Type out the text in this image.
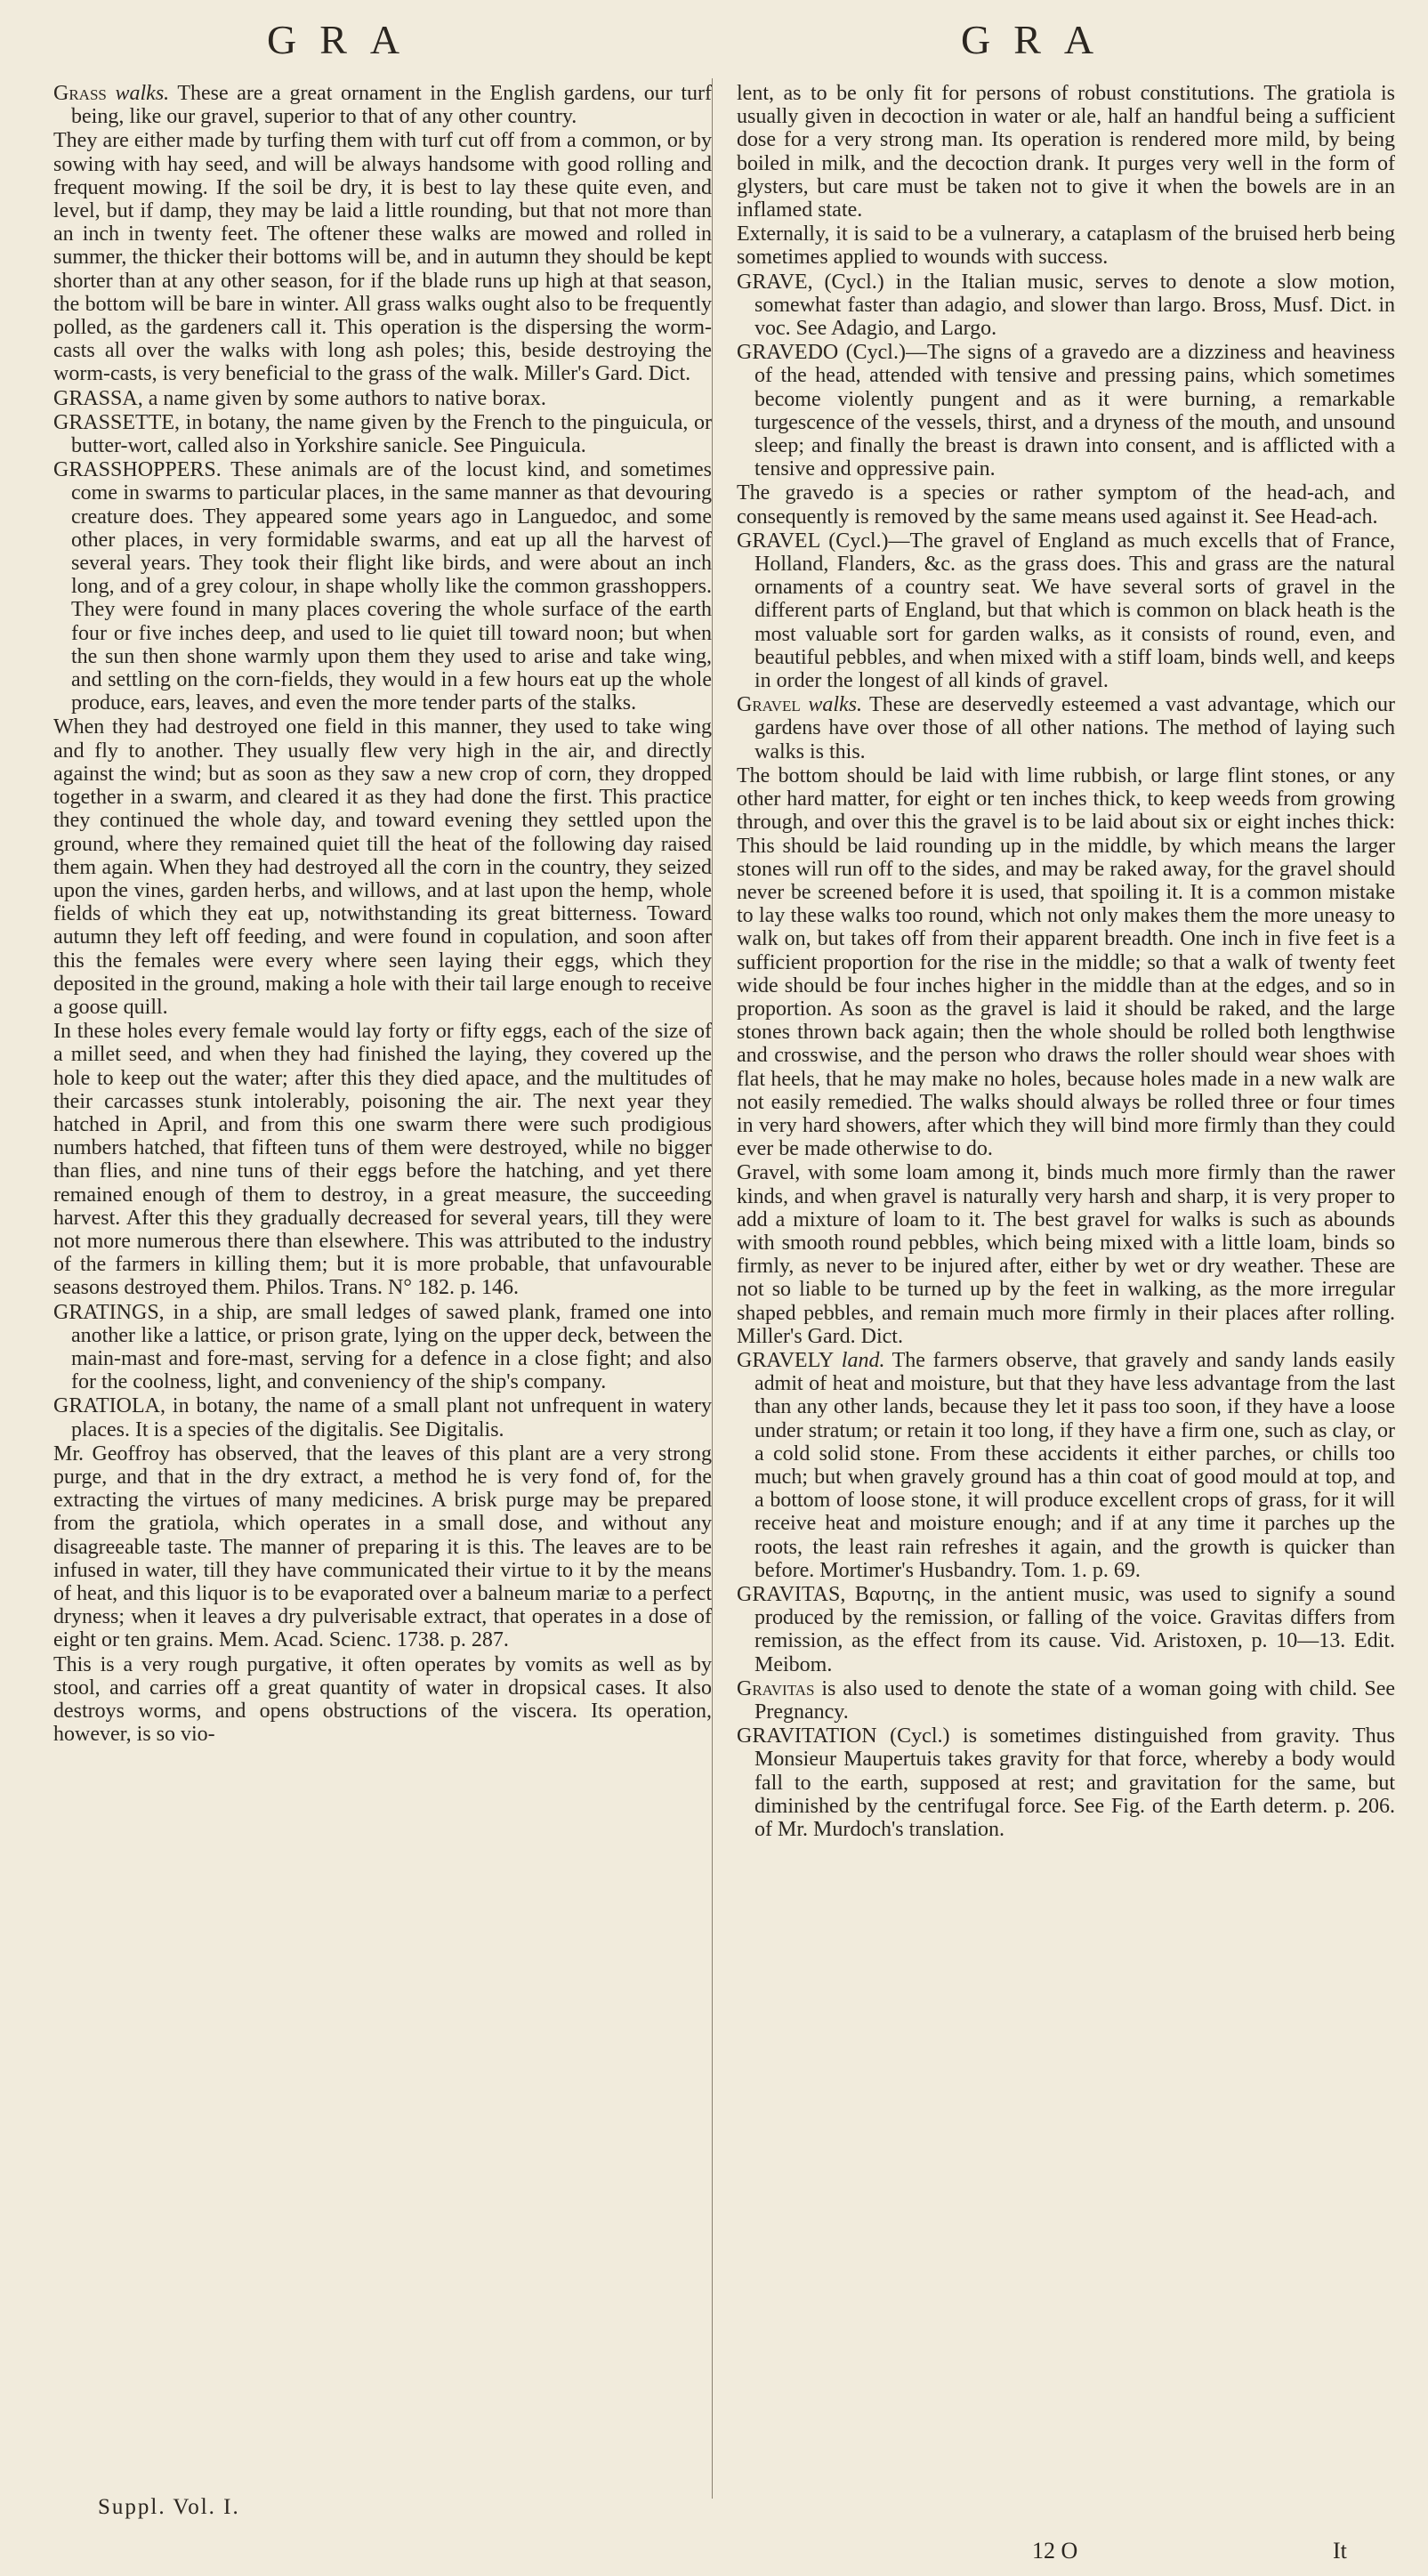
GRA	GRA

Grass walks. These are a great ornament in the English gardens, our turf being, like our gravel, superior to that of any other country.

They are either made by turfing them with turf cut off from a common, or by sowing with hay seed, and will be always handsome with good rolling and frequent mowing. If the soil be dry, it is best to lay these quite even, and level, but if damp, they may be laid a little rounding, but that not more than an inch in twenty feet. The oftener these walks are mowed and rolled in summer, the thicker their bottoms will be, and in autumn they should be kept shorter than at any other season, for if the blade runs up high at that season, the bottom will be bare in winter. All grass walks ought also to be frequently polled, as the gardeners call it. This operation is the dispersing the worm-casts all over the walks with long ash poles; this, beside destroying the worm-casts, is very beneficial to the grass of the walk. Miller's Gard. Dict.

GRASSA, a name given by some authors to native borax.

GRASSETTE, in botany, the name given by the French to the pinguicula, or butter-wort, called also in Yorkshire sanicle. See Pinguicula.

GRASSHOPPERS. These animals are of the locust kind, and sometimes come in swarms to particular places, in the same manner as that devouring creature does. They appeared some years ago in Languedoc, and some other places, in very formidable swarms, and eat up all the harvest of several years. They took their flight like birds, and were about an inch long, and of a grey colour, in shape wholly like the common grasshoppers. They were found in many places covering the whole surface of the earth four or five inches deep, and used to lie quiet till toward noon; but when the sun then shone warmly upon them they used to arise and take wing, and settling on the corn-fields, they would in a few hours eat up the whole produce, ears, leaves, and even the more tender parts of the stalks.

When they had destroyed one field in this manner, they used to take wing and fly to another. They usually flew very high in the air, and directly against the wind; but as soon as they saw a new crop of corn, they dropped together in a swarm, and cleared it as they had done the first. This practice they continued the whole day, and toward evening they settled upon the ground, where they remained quiet till the heat of the following day raised them again. When they had destroyed all the corn in the country, they seized upon the vines, garden herbs, and willows, and at last upon the hemp, whole fields of which they eat up, notwithstanding its great bitterness. Toward autumn they left off feeding, and were found in copulation, and soon after this the females were every where seen laying their eggs, which they deposited in the ground, making a hole with their tail large enough to receive a goose quill.

In these holes every female would lay forty or fifty eggs, each of the size of a millet seed, and when they had finished the laying, they covered up the hole to keep out the water; after this they died apace, and the multitudes of their carcasses stunk intolerably, poisoning the air. The next year they hatched in April, and from this one swarm there were such prodigious numbers hatched, that fifteen tuns of them were destroyed, while no bigger than flies, and nine tuns of their eggs before the hatching, and yet there remained enough of them to destroy, in a great measure, the succeeding harvest. After this they gradually decreased for several years, till they were not more numerous there than elsewhere. This was attributed to the industry of the farmers in killing them; but it is more probable, that unfavourable seasons destroyed them. Philos. Trans. N° 182. p. 146.

GRATINGS, in a ship, are small ledges of sawed plank, framed one into another like a lattice, or prison grate, lying on the upper deck, between the main-mast and fore-mast, serving for a defence in a close fight; and also for the coolness, light, and conveniency of the ship's company.

GRATIOLA, in botany, the name of a small plant not unfrequent in watery places. It is a species of the digitalis. See Digitalis.

Mr. Geoffroy has observed, that the leaves of this plant are a very strong purge, and that in the dry extract, a method he is very fond of, for the extracting the virtues of many medicines. A brisk purge may be prepared from the gratiola, which operates in a small dose, and without any disagreeable taste. The manner of preparing it is this. The leaves are to be infused in water, till they have communicated their virtue to it by the means of heat, and this liquor is to be evaporated over a balneum mariæ to a perfect dryness; when it leaves a dry pulverisable extract, that operates in a dose of eight or ten grains. Mem. Acad. Scienc. 1738. p. 287.

This is a very rough purgative, it often operates by vomits as well as by stool, and carries off a great quantity of water in dropsical cases. It also destroys worms, and opens obstructions of the viscera. Its operation, however, is so vio-

lent, as to be only fit for persons of robust constitutions. The gratiola is usually given in decoction in water or ale, half an handful being a sufficient dose for a very strong man. Its operation is rendered more mild, by being boiled in milk, and the decoction drank. It purges very well in the form of glysters, but care must be taken not to give it when the bowels are in an inflamed state.

Externally, it is said to be a vulnerary, a cataplasm of the bruised herb being sometimes applied to wounds with success.

GRAVE, (Cycl.) in the Italian music, serves to denote a slow motion, somewhat faster than adagio, and slower than largo. Bross, Musf. Dict. in voc. See Adagio, and Largo.

GRAVEDO (Cycl.)—The signs of a gravedo are a dizziness and heaviness of the head, attended with tensive and pressing pains, which sometimes become violently pungent and as it were burning, a remarkable turgescence of the vessels, thirst, and a dryness of the mouth, and unsound sleep; and finally the breast is drawn into consent, and is afflicted with a tensive and oppressive pain.

The gravedo is a species or rather symptom of the head-ach, and consequently is removed by the same means used against it. See Head-ach.

GRAVEL (Cycl.)—The gravel of England as much excells that of France, Holland, Flanders, &c. as the grass does. This and grass are the natural ornaments of a country seat. We have several sorts of gravel in the different parts of England, but that which is common on black heath is the most valuable sort for garden walks, as it consists of round, even, and beautiful pebbles, and when mixed with a stiff loam, binds well, and keeps in order the longest of all kinds of gravel.

Gravel walks. These are deservedly esteemed a vast advantage, which our gardens have over those of all other nations. The method of laying such walks is this.

The bottom should be laid with lime rubbish, or large flint stones, or any other hard matter, for eight or ten inches thick, to keep weeds from growing through, and over this the gravel is to be laid about six or eight inches thick: This should be laid rounding up in the middle, by which means the larger stones will run off to the sides, and may be raked away, for the gravel should never be screened before it is used, that spoiling it. It is a common mistake to lay these walks too round, which not only makes them the more uneasy to walk on, but takes off from their apparent breadth. One inch in five feet is a sufficient proportion for the rise in the middle; so that a walk of twenty feet wide should be four inches higher in the middle than at the edges, and so in proportion. As soon as the gravel is laid it should be raked, and the large stones thrown back again; then the whole should be rolled both lengthwise and crosswise, and the person who draws the roller should wear shoes with flat heels, that he may make no holes, because holes made in a new walk are not easily remedied. The walks should always be rolled three or four times in very hard showers, after which they will bind more firmly than they could ever be made otherwise to do.

Gravel, with some loam among it, binds much more firmly than the rawer kinds, and when gravel is naturally very harsh and sharp, it is very proper to add a mixture of loam to it. The best gravel for walks is such as abounds with smooth round pebbles, which being mixed with a little loam, binds so firmly, as never to be injured after, either by wet or dry weather. These are not so liable to be turned up by the feet in walking, as the more irregular shaped pebbles, and remain much more firmly in their places after rolling. Miller's Gard. Dict.

GRAVELY land. The farmers observe, that gravely and sandy lands easily admit of heat and moisture, but that they have less advantage from the last than any other lands, because they let it pass too soon, if they have a loose under stratum; or retain it too long, if they have a firm one, such as clay, or a cold solid stone. From these accidents it either parches, or chills too much; but when gravely ground has a thin coat of good mould at top, and a bottom of loose stone, it will produce excellent crops of grass, for it will receive heat and moisture enough; and if at any time it parches up the roots, the least rain refreshes it again, and the growth is quicker than before. Mortimer's Husbandry. Tom. 1. p. 69.

GRAVITAS, Βαρυτης, in the antient music, was used to signify a sound produced by the remission, or falling of the voice. Gravitas differs from remission, as the effect from its cause. Vid. Aristoxen, p. 10—13. Edit. Meibom.

Gravitas is also used to denote the state of a woman going with child. See Pregnancy.

GRAVITATION (Cycl.) is sometimes distinguished from gravity. Thus Monsieur Maupertuis takes gravity for that force, whereby a body would fall to the earth, supposed at rest; and gravitation for the same, but diminished by the centrifugal force. See Fig. of the Earth determ. p. 206. of Mr. Murdoch's translation.

Suppl. Vol. I.
12 O	It
